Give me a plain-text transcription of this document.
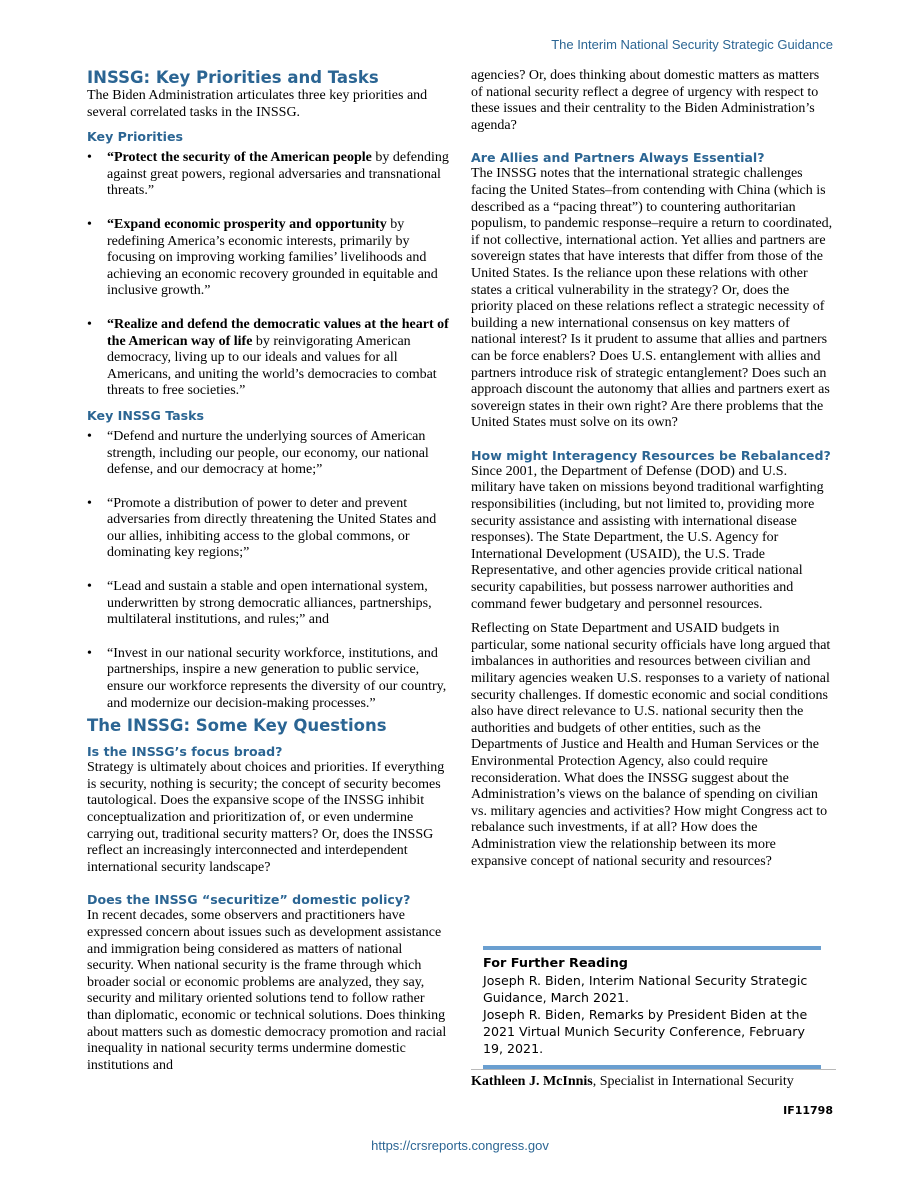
The Interim National Security Strategic Guidance
INSSG: Key Priorities and Tasks

The Biden Administration articulates three key priorities and several correlated tasks in the INSSG.

Key Priorities
• “Protect the security of the American people by defending against great powers, regional adversaries and transnational threats.”
• “Expand economic prosperity and opportunity by redefining America’s economic interests, primarily by focusing on improving working families’ livelihoods and achieving an economic recovery grounded in equitable and inclusive growth.”
• “Realize and defend the democratic values at the heart of the American way of life by reinvigorating American democracy, living up to our ideals and values for all Americans, and uniting the world’s democracies to combat threats to free societies.”
Key INSSG Tasks
• “Defend and nurture the underlying sources of American strength, including our people, our economy, our national defense, and our democracy at home;”
• “Promote a distribution of power to deter and prevent adversaries from directly threatening the United States and our allies, inhibiting access to the global commons, or dominating key regions;”
• “Lead and sustain a stable and open international system, underwritten by strong democratic alliances, partnerships, multilateral institutions, and rules;” and
• “Invest in our national security workforce, institutions, and partnerships, inspire a new generation to public service, ensure our workforce represents the diversity of our country, and modernize our decision-making processes.”
The INSSG: Some Key Questions
Is the INSSG’s focus broad?

Strategy is ultimately about choices and priorities. If everything is security, nothing is security; the concept of security becomes tautological. Does the expansive scope of the INSSG inhibit conceptualization and prioritization of, or even undermine carrying out, traditional security matters? Or, does the INSSG reflect an increasingly interconnected and interdependent international security landscape?

Does the INSSG “securitize” domestic policy?

In recent decades, some observers and practitioners have expressed concern about issues such as development assistance and immigration being considered as matters of national security. When national security is the frame through which broader social or economic problems are analyzed, they say, security and military oriented solutions tend to follow rather than diplomatic, economic or technical solutions. Does thinking about matters such as domestic democracy promotion and racial inequality in national security terms undermine domestic institutions and

agencies? Or, does thinking about domestic matters as matters of national security reflect a degree of urgency with respect to these issues and their centrality to the Biden Administration’s agenda?

Are Allies and Partners Always Essential?

The INSSG notes that the international strategic challenges facing the United States–from contending with China (which is described as a “pacing threat”) to countering authoritarian populism, to pandemic response–require a return to coordinated, if not collective, international action. Yet allies and partners are sovereign states that have interests that differ from those of the United States. Is the reliance upon these relations with other states a critical vulnerability in the strategy? Or, does the priority placed on these relations reflect a strategic necessity of building a new international consensus on key matters of national interest? Is it prudent to assume that allies and partners can be force enablers? Does U.S. entanglement with allies and partners introduce risk of strategic entanglement? Does such an approach discount the autonomy that allies and partners exert as sovereign states in their own right? Are there problems that the United States must solve on its own?

How might Interagency Resources be Rebalanced?

Since 2001, the Department of Defense (DOD) and U.S. military have taken on missions beyond traditional warfighting responsibilities (including, but not limited to, providing more security assistance and assisting with international disease responses). The State Department, the U.S. Agency for International Development (USAID), the U.S. Trade Representative, and other agencies provide critical national security capabilities, but possess narrower authorities and command fewer budgetary and personnel resources.

Reflecting on State Department and USAID budgets in particular, some national security officials have long argued that imbalances in authorities and resources between civilian and military agencies weaken U.S. responses to a variety of national security challenges. If domestic economic and social conditions also have direct relevance to U.S. national security then the authorities and budgets of other entities, such as the Departments of Justice and Health and Human Services or the Environmental Protection Agency, also could require reconsideration. What does the INSSG suggest about the Administration’s views on the balance of spending on civilian vs. military agencies and activities? How might Congress act to rebalance such investments, if at all? How does the Administration view the relationship between its more expansive concept of national security and resources?

For Further Reading
Joseph R. Biden, Interim National Security Strategic Guidance, March 2021.
Joseph R. Biden, Remarks by President Biden at the 2021 Virtual Munich Security Conference, February 19, 2021.
Kathleen J. McInnis, Specialist in International Security
IF11798
https://crsreports.congress.gov
